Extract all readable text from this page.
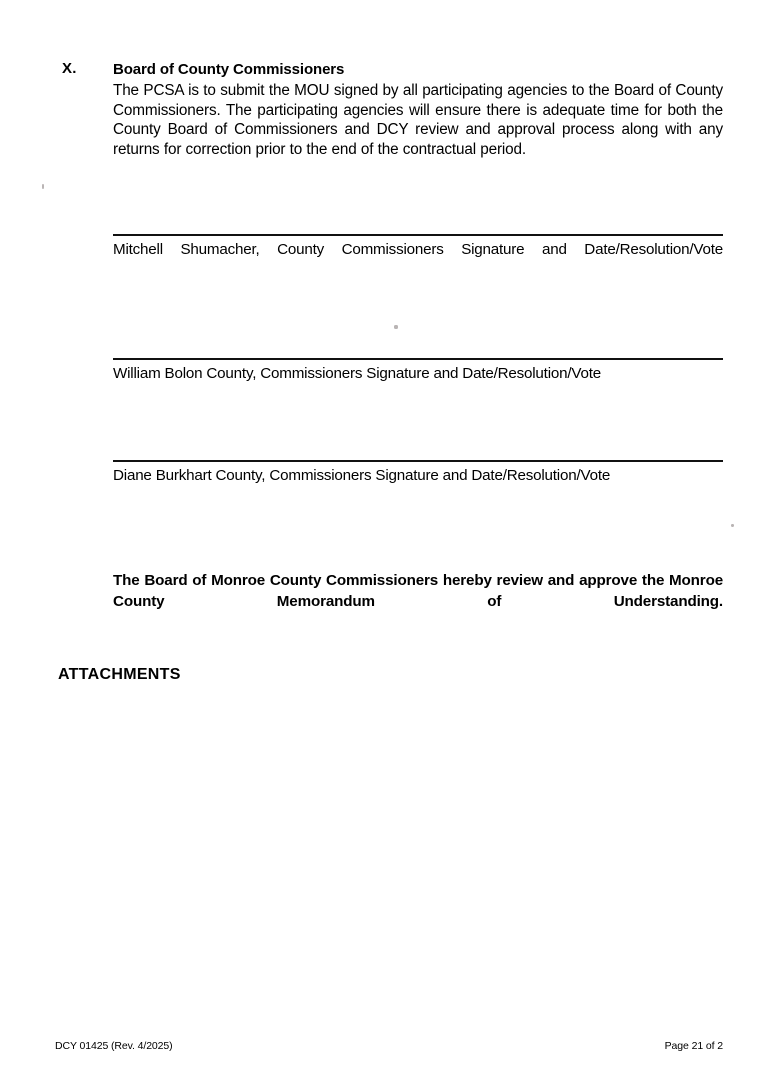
X. Board of County Commissioners
The PCSA is to submit the MOU signed by all participating agencies to the Board of County Commissioners. The participating agencies will ensure there is adequate time for both the County Board of Commissioners and DCY review and approval process along with any returns for correction prior to the end of the contractual period.
Mitchell Shumacher, County Commissioners Signature and Date/Resolution/Vote
William Bolon County, Commissioners Signature and Date/Resolution/Vote
Diane Burkhart County, Commissioners Signature and Date/Resolution/Vote
The Board of Monroe County Commissioners hereby review and approve the Monroe County Memorandum of Understanding.
ATTACHMENTS
DCY 01425 (Rev. 4/2025)	Page 21 of 2
